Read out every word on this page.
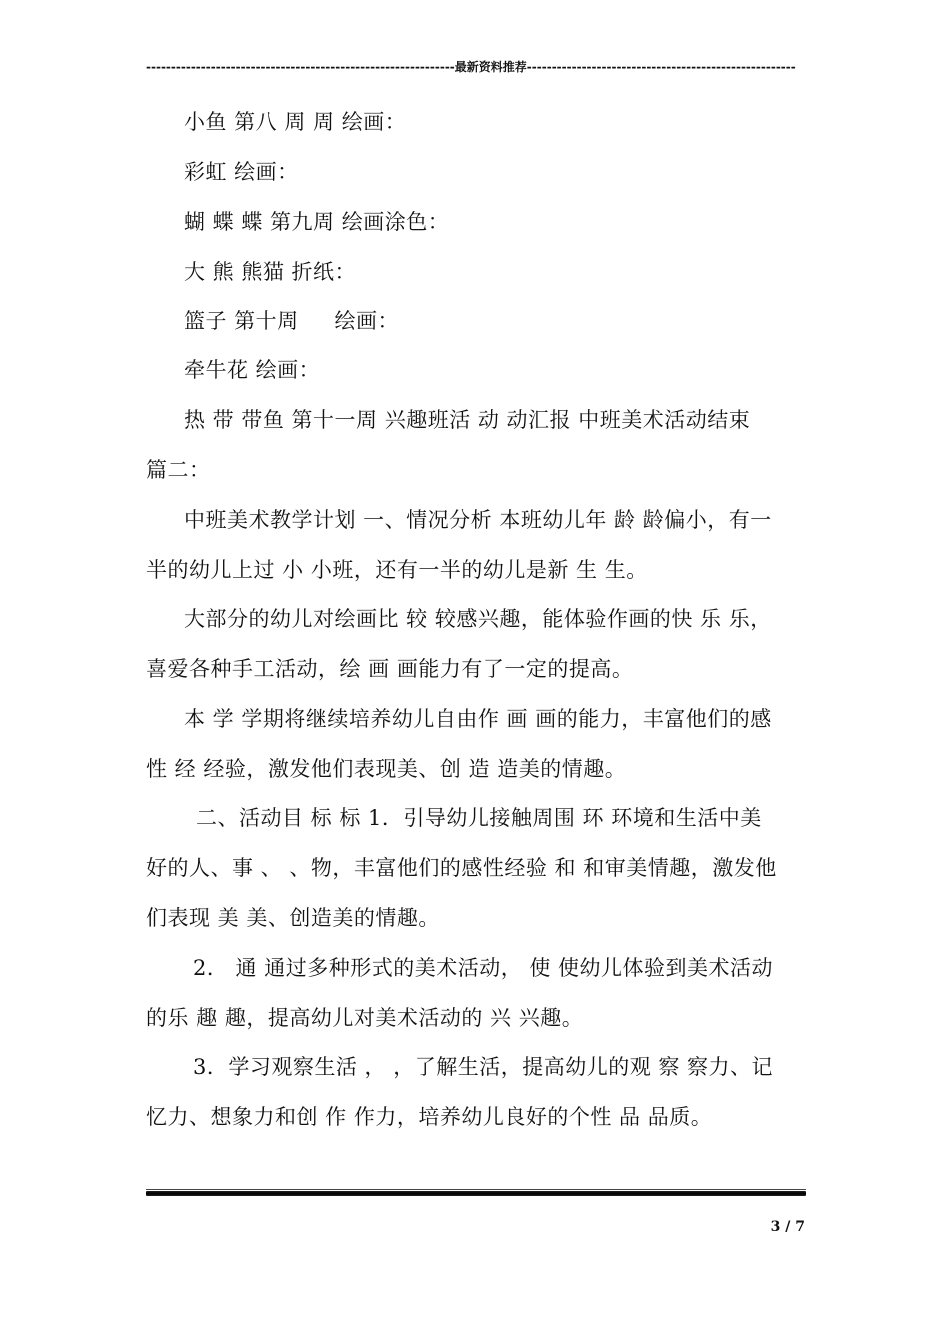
--------------------------------------------------------------最新资料推荐------------------------------------------------------
小鱼 第八 周 周 绘画：
彩虹 绘画：
蝴 蝶 蝶 第九周 绘画涂色：
大 熊 熊猫 折纸：
篮子 第十周     绘画：
牵牛花 绘画：
热 带 带鱼 第十一周 兴趣班活 动 动汇报 中班美术活动结束
篇二：
中班美术教学计划 一、情况分析 本班幼儿年 龄 龄偏小，有一
半的幼儿上过 小 小班，还有一半的幼儿是新 生 生。
大部分的幼儿对绘画比 较 较感兴趣，能体验作画的快 乐 乐，
喜爱各种手工活动，绘 画 画能力有了一定的提高。
本 学 学期将继续培养幼儿自由作 画 画的能力，丰富他们的感
性 经 经验，激发他们表现美、创 造 造美的情趣。
二、活动目 标 标 1．引导幼儿接触周围 环 环境和生活中美
好的人、事 、 、物，丰富他们的感性经验 和 和审美情趣，激发他
们表现 美 美、创造美的情趣。
2． 通 通过多种形式的美术活动， 使 使幼儿体验到美术活动
的乐 趣 趣，提高幼儿对美术活动的 兴 兴趣。
3．学习观察生活 ， ，了解生活，提高幼儿的观 察 察力、记
忆力、想象力和创 作 作力，培养幼儿良好的个性 品 品质。
3 / 7
